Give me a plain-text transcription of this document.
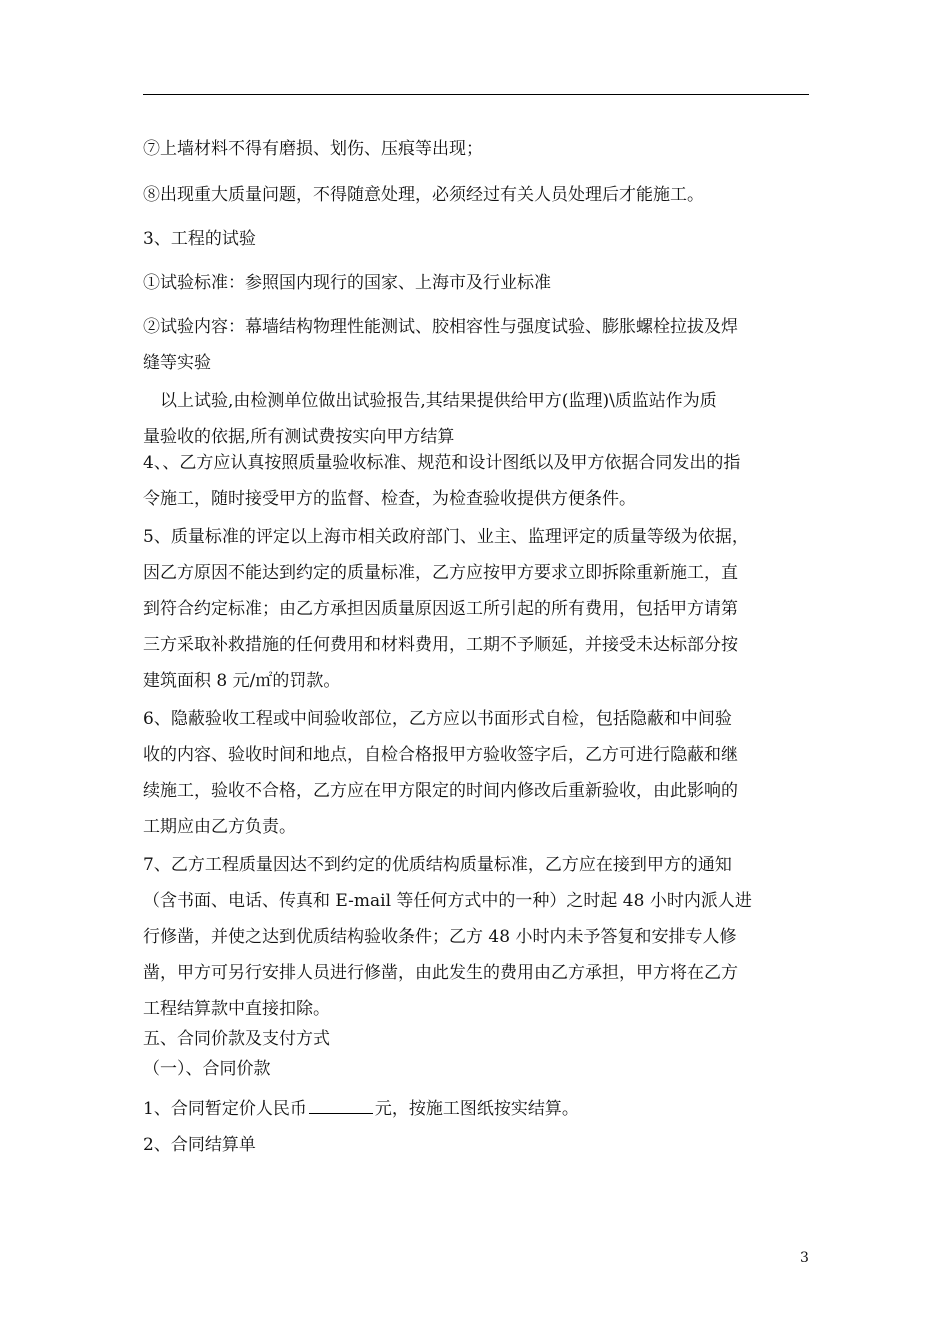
⑦上墙材料不得有磨损、划伤、压痕等出现；
⑧出现重大质量问题，不得随意处理，必须经过有关人员处理后才能施工。
3、工程的试验
①试验标准：参照国内现行的国家、上海市及行业标准
②试验内容：幕墙结构物理性能测试、胶相容性与强度试验、膨胀螺栓拉拔及焊
缝等实验
　以上试验,由检测单位做出试验报告,其结果提供给甲方(监理)\质监站作为质
量验收的依据,所有测试费按实向甲方结算
4、、乙方应认真按照质量验收标准、规范和设计图纸以及甲方依据合同发出的指
令施工，随时接受甲方的监督、检查，为检查验收提供方便条件。
5、质量标准的评定以上海市相关政府部门、业主、监理评定的质量等级为依据，
因乙方原因不能达到约定的质量标准，乙方应按甲方要求立即拆除重新施工，直
到符合约定标准；由乙方承担因质量原因返工所引起的所有费用，包括甲方请第
三方采取补救措施的任何费用和材料费用，工期不予顺延，并接受未达标部分按
建筑面积 8 元/㎡的罚款。
6、隐蔽验收工程或中间验收部位，乙方应以书面形式自检，包括隐蔽和中间验
收的内容、验收时间和地点，自检合格报甲方验收签字后，乙方可进行隐蔽和继
续施工，验收不合格，乙方应在甲方限定的时间内修改后重新验收，由此影响的
工期应由乙方负责。
7、乙方工程质量因达不到约定的优质结构质量标准，乙方应在接到甲方的通知
（含书面、电话、传真和 E-mail 等任何方式中的一种）之时起 48 小时内派人进
行修凿，并使之达到优质结构验收条件；乙方 48 小时内未予答复和安排专人修
凿，甲方可另行安排人员进行修凿，由此发生的费用由乙方承担，甲方将在乙方
工程结算款中直接扣除。
五、合同价款及支付方式
（一）、合同价款
1、合同暂定价人民币	元，按施工图纸按实结算。
2、合同结算单
3
